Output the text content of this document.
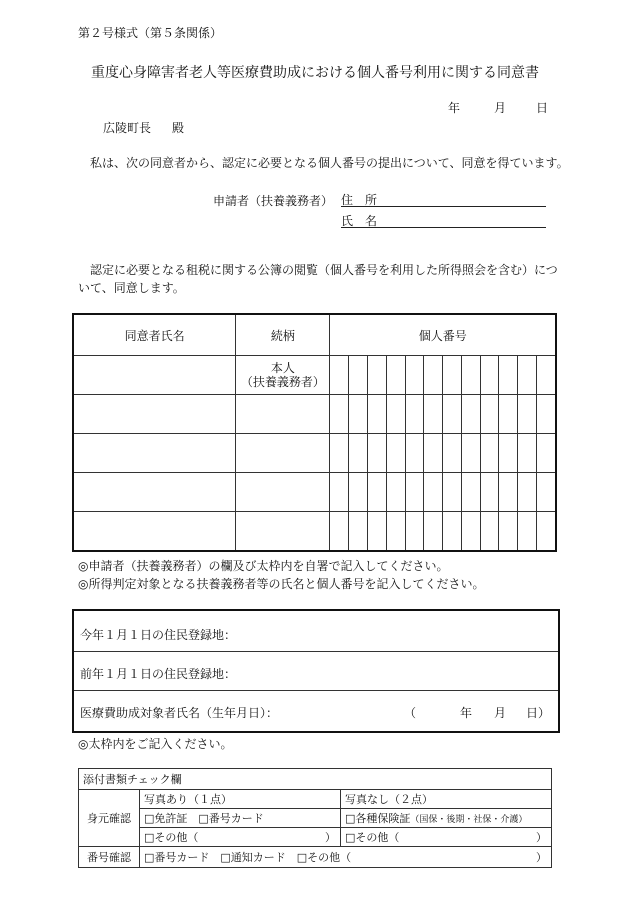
第２号様式（第５条関係）
重度心身障害者老人等医療費助成における個人番号利用に関する同意書
年	月 日
広陵町長 殿
私は、次の同意者から、認定に必要となる個人番号の提出について、同意を得ています。
申請者（扶養義務者） 住　所
氏　名
認定に必要となる租税に関する公簿の閲覧（個人番号を利用した所得照会を含む）につ
いて、同意します。
同意者氏名	続柄	個人番号											

	本人
（扶養義務者）												

◎申請者（扶養義務者）の欄及び太枠内を自署で記入してください。
◎所得判定対象となる扶養義務者等の氏名と個人番号を記入してください。
今年１月１日の住民登録地：
前年１月１日の住民登録地：
医療費助成対象者氏名（生年月日）：	（	年 月 日）
◎太枠内をご記入ください。
添付書類チェック欄		
身元確認	写真あり（１点）	写真なし（２点）
	□免許証　□番号カード	□各種保険証（国保・後期・社保・介護）
	□その他（ ）	□その他（ ）

番号確認	□番号カード　□通知カード　□その他（ ）	
